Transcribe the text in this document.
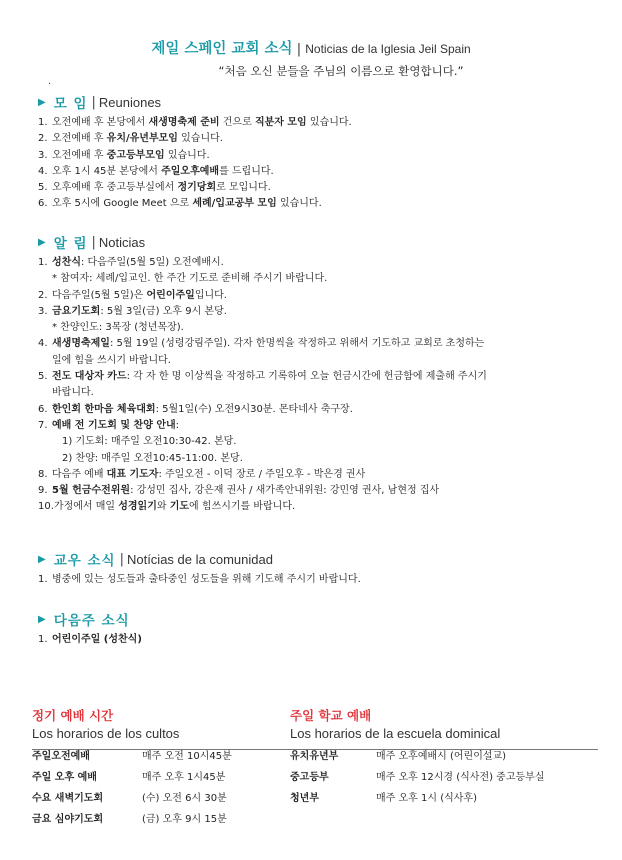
제일 스페인 교회 소식 | Noticias de la Iglesia Jeil Spain
“처음 오신 분들을 주님의 이름으로 환영합니다.”
.
▶ 모 임 | Reuniones
1.오전예배 후 본당에서 새생명축제 준비 건으로 직분자 모임 있습니다.
2.오전예배 후 유치/유년부모임 있습니다.
3.오전예배 후 중고등부모임 있습니다.
4.오후 1시 45분 본당에서 주일오후예배를 드립니다.
5.오후예배 후 중고등부실에서 정기당회로 모입니다.
6.오후 5시에 Google Meet 으로 세례/입교공부 모임 있습니다.
▶ 알 림 | Noticias
1.성찬식: 다음주일(5월 5일) 오전예배시.
* 참여자: 세례/입교인. 한 주간 기도로 준비해 주시기 바랍니다.
2.다음주일(5월 5일)은 어린이주일입니다.
3.금요기도회: 5월 3일(금) 오후 9시 본당.
* 찬양인도: 3목장 (청년목장).
4.새생명축제일: 5월 19일 (성령강림주일). 각자 한명씩을 작정하고 위해서 기도하고 교회로 초청하는
일에 힘을 쓰시기 바랍니다.
5.전도 대상자 카드: 각 자 한 명 이상씩을 작정하고 기록하여 오늘 헌금시간에 헌금함에 제출해 주시기
바랍니다.
6.한인회 한마음 체육대회: 5월1일(수) 오전9시30분. 몬타네사 축구장.
7.예배 전 기도회 및 찬양 안내:
1) 기도회: 매주일 오전10:30-42. 본당.
2) 찬양: 매주일 오전10:45-11:00. 본당.
8.다음주 예배 대표 기도자: 주일오전 - 이덕 장로 / 주일오후 - 박은경 권사
9.5월 헌금수전위원: 강성민 집사, 강은재 권사 / 새가족안내위원: 강민영 권사, 남현정 집사
10.가정에서 매일 성경읽기와 기도에 힘쓰시기를 바랍니다.
▶ 교우 소식 | Notícias de la comunidad
1.병중에 있는 성도들과 출타중인 성도들을 위해 기도해 주시기 바랍니다.
▶ 다음주 소식
1.어린이주일 (성찬식)
정기 예배 시간
Los horarios de los cultos
주일오전예배	매주 오전 10시45분
주일 오후 예배	매주 오후 1시45분
수요 새벽기도회	(수) 오전 6시 30분
금요 심야기도회	(금) 오후 9시 15분
주일 학교 예배
Los horarios de la escuela dominical
유치유년부	매주 오후예배시 (어린이설교)
중고등부	매주 오후 12시경 (식사전) 중고등부실
청년부	매주 오후 1시 (식사후)
